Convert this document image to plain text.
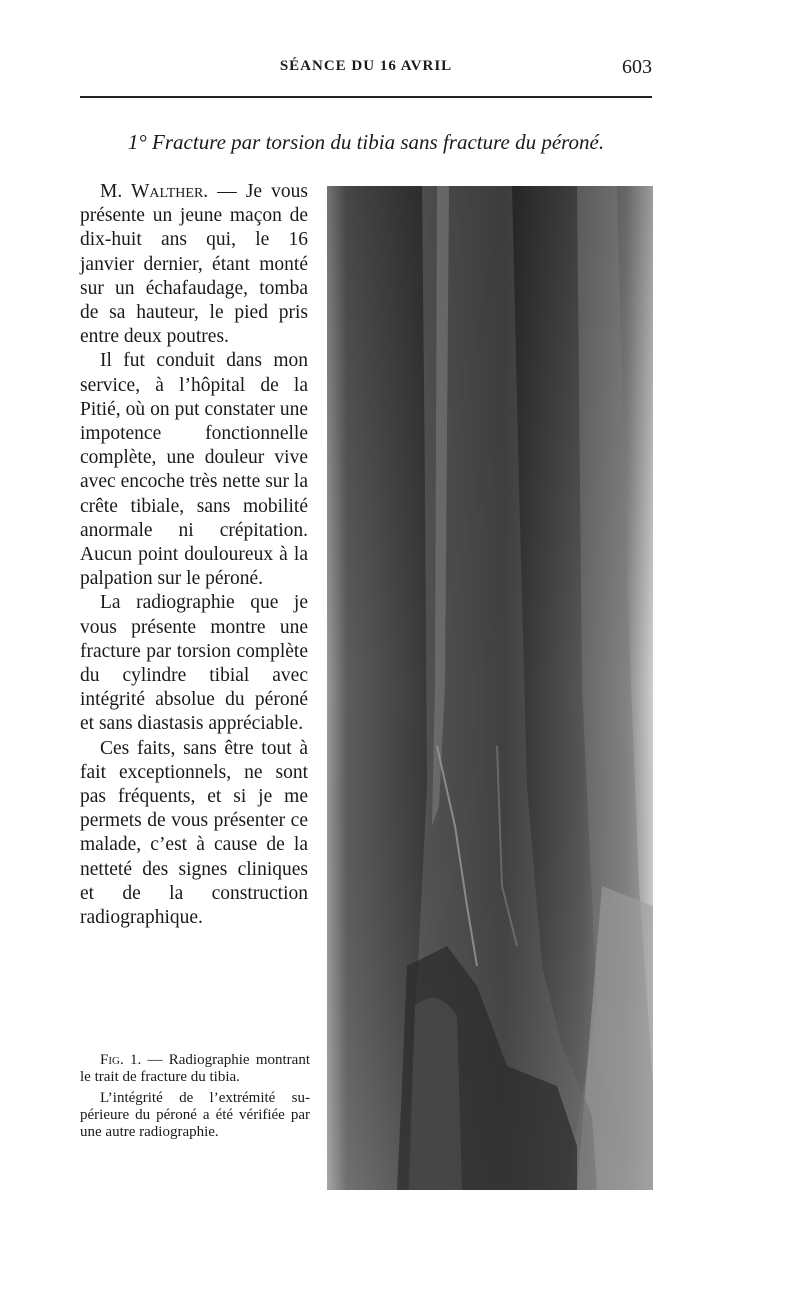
SÉANCE DU 16 AVRIL	603
1° Fracture par torsion du tibia sans fracture du péroné.

M. Walther. — Je vous présente un jeune maçon de dix-huit ans qui, le 16 janvier dernier, étant monté sur un échafaudage, tomba de sa hauteur, le pied pris entre deux poutres.

Il fut conduit dans mon service, à l’hôpital de la Pitié, où on put constater une impotence fonctionnelle complète, une douleur vive avec encoche très nette sur la crête tibiale, sans mobilité anormale ni crépitation. Aucun point douloureux à la palpation sur le péroné.

La radiographie que je vous présente montre une fracture par torsion complète du cylindre tibial avec intégrité absolue du péroné et sans diastasis appréciable.

Ces faits, sans être tout à fait exceptionnels, ne sont pas fréquents, et si je me permets de vous présenter ce malade, c’est à cause de la netteté des signes cliniques et de la construction radiographique.

Fig. 1. — Radiographie montrant le trait de fracture du tibia.

L’intégrité de l’extrémité supérieure du péroné a été vérifiée par une autre radiographie.
